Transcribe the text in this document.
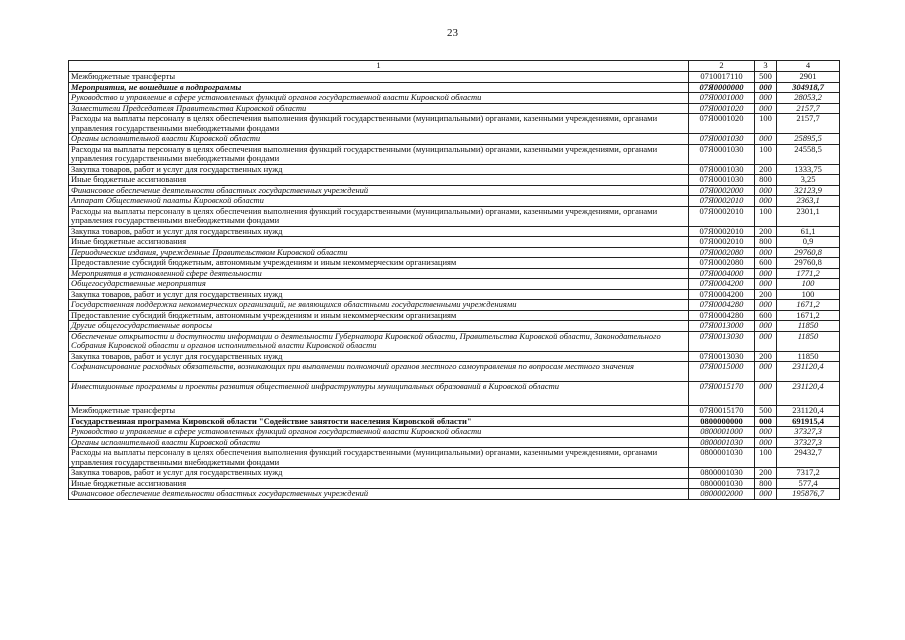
23
1	2	3	4
Межбюджетные трансферты	0710017110	500	2901
Мероприятия, не вошедшие в подпрограммы	07Я0000000	000	304918,7
Руководство и управление в сфере установленных функций органов государственной власти Кировской области	07Я0001000	000	28053,2
Заместители Председателя Правительства Кировской области	07Я0001020	000	2157,7
Расходы на выплаты персоналу в целях обеспечения выполнения функций государственными (муниципальными) органами, казенными учреждениями, органами управления государственными внебюджетными фондами	07Я0001020	100	2157,7
Органы исполнительной власти Кировской области	07Я0001030	000	25895,5
Расходы на выплаты персоналу в целях обеспечения выполнения функций государственными (муниципальными) органами, казенными учреждениями, органами управления государственными внебюджетными фондами	07Я0001030	100	24558,5
Закупка товаров, работ и услуг для государственных нужд	07Я0001030	200	1333,75
Иные бюджетные ассигнования	07Я0001030	800	3,25
Финансовое обеспечение деятельности областных государственных учреждений	07Я0002000	000	32123,9
Аппарат Общественной палаты Кировской области	07Я0002010	000	2363,1
Расходы на выплаты персоналу в целях обеспечения выполнения функций государственными (муниципальными) органами, казенными учреждениями, органами управления государственными внебюджетными фондами	07Я0002010	100	2301,1
Закупка товаров, работ и услуг для государственных нужд	07Я0002010	200	61,1
Иные бюджетные ассигнования	07Я0002010	800	0,9
Периодические издания, учрежденные Правительством Кировской области	07Я0002080	000	29760,8
Предоставление субсидий бюджетным, автономным учреждениям и иным некоммерческим организациям	07Я0002080	600	29760,8
Мероприятия в установленной сфере деятельности	07Я0004000	000	1771,2
Общегосударственные мероприятия	07Я0004200	000	100
Закупка товаров, работ и услуг для государственных нужд	07Я0004200	200	100
Государственная поддержка некоммерческих организаций, не являющихся областными государственными учреждениями	07Я0004280	000	1671,2
Предоставление субсидий бюджетным, автономным учреждениям и иным некоммерческим организациям	07Я0004280	600	1671,2
Другие общегосударственные вопросы	07Я0013000	000	11850
Обеспечение открытости и доступности информации о деятельности Губернатора Кировской области, Правительства Кировской области, Законодательного Собрания Кировской области и органов исполнительной власти Кировской области	07Я0013030	000	11850
Закупка товаров, работ и услуг для государственных нужд	07Я0013030	200	11850
Софинансирование расходных обязательств, возникающих при выполнении полномочий органов местного самоуправления по вопросам местного значения	07Я0015000	000	231120,4
Инвестиционные программы и проекты развития общественной инфраструктуры муниципальных образований в Кировской области	07Я0015170	000	231120,4
Межбюджетные трансферты	07Я0015170	500	231120,4
Государственная программа Кировской области "Содействие занятости населения Кировской области"	0800000000	000	691915,4
Руководство и управление в сфере установленных функций органов государственной власти Кировской области	0800001000	000	37327,3
Органы исполнительной власти Кировской области	0800001030	000	37327,3
Расходы на выплаты персоналу в целях обеспечения выполнения функций государственными (муниципальными) органами, казенными учреждениями, органами управления государственными внебюджетными фондами	0800001030	100	29432,7
Закупка товаров, работ и услуг для государственных нужд	0800001030	200	7317,2
Иные бюджетные ассигнования	0800001030	800	577,4
Финансовое обеспечение деятельности областных государственных учреждений	0800002000	000	195876,7
